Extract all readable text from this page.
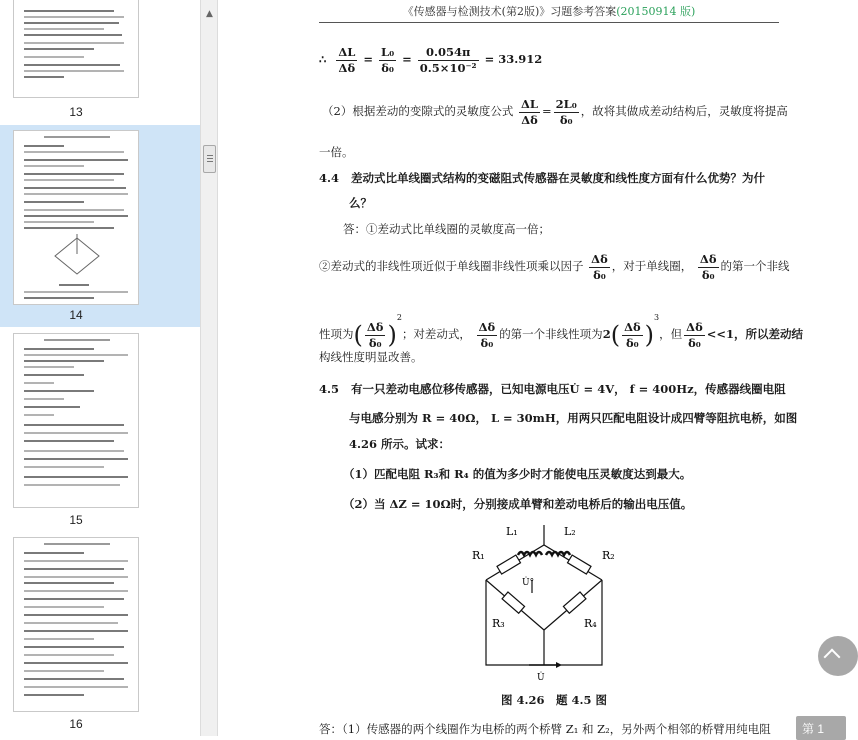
13
14
15
16
▲	《传感器与检测技术(第2版)》习题参考答案(20150914 版)
∴ $\frac{\Delta L}{\Delta\delta} = \frac{\text{L₀}}{\text{δ₀}} = \frac{0.054\pi}{\text{0.5×10⁻²}} = 33.912$
（2）根据差动的变隙式的灵敏度公式 $\frac{\Delta L}{\Delta\delta} = \frac{\text{2L₀}}{\text{δ₀}}$ ，故将其做成差动结构后，灵敏度将提高
一倍。
4.4 差动式比单线圈式结构的变磁阻式传感器在灵敏度和线性度方面有什么优势？为什
么？
答：①差动式比单线圈的灵敏度高一倍；
②差动式的非线性项近似于单线圈非线性项乘以因子 $\frac{\Delta\delta}{\text{δ₀}}$ ，对于单线圈， $\frac{\Delta\delta}{\text{δ₀}}$ 的第一个非线
性项为( $\frac{\Delta\delta}{\text{δ₀}} )^2$；对差动式， $\frac{\Delta\delta}{\text{δ₀}}$ 的第一个非线性项为$2( \frac{\Delta\delta}{\text{δ₀}} )^3$，但 $\frac{\Delta\delta}{\text{δ₀}} <<1$，所以差动结
构线性度明显改善。
4.5 有一只差动电感位移传感器，已知电源电压U̇ = 4V， f = 400Hz，传感器线圈电阻
与电感分别为 R = 40Ω， L = 30mH，用两只匹配电阻设计成四臂等阻抗电桥，如图
4.26 所示。试求：
（1）匹配电阻 R₃和 R₄ 的值为多少时才能使电压灵敏度达到最大。
（2）当 ΔZ = 10Ω时，分别接成单臂和差动电桥后的输出电压值。
R₁	R₂
L₁	L₂
R₃	R₄
U̇°
U̇
图 4.26　题 4.5 图
答：（1）传感器的两个线圈作为电桥的两个桥臂 Z₁ 和 Z₂，另外两个相邻的桥臂用纯电阻	第 1
